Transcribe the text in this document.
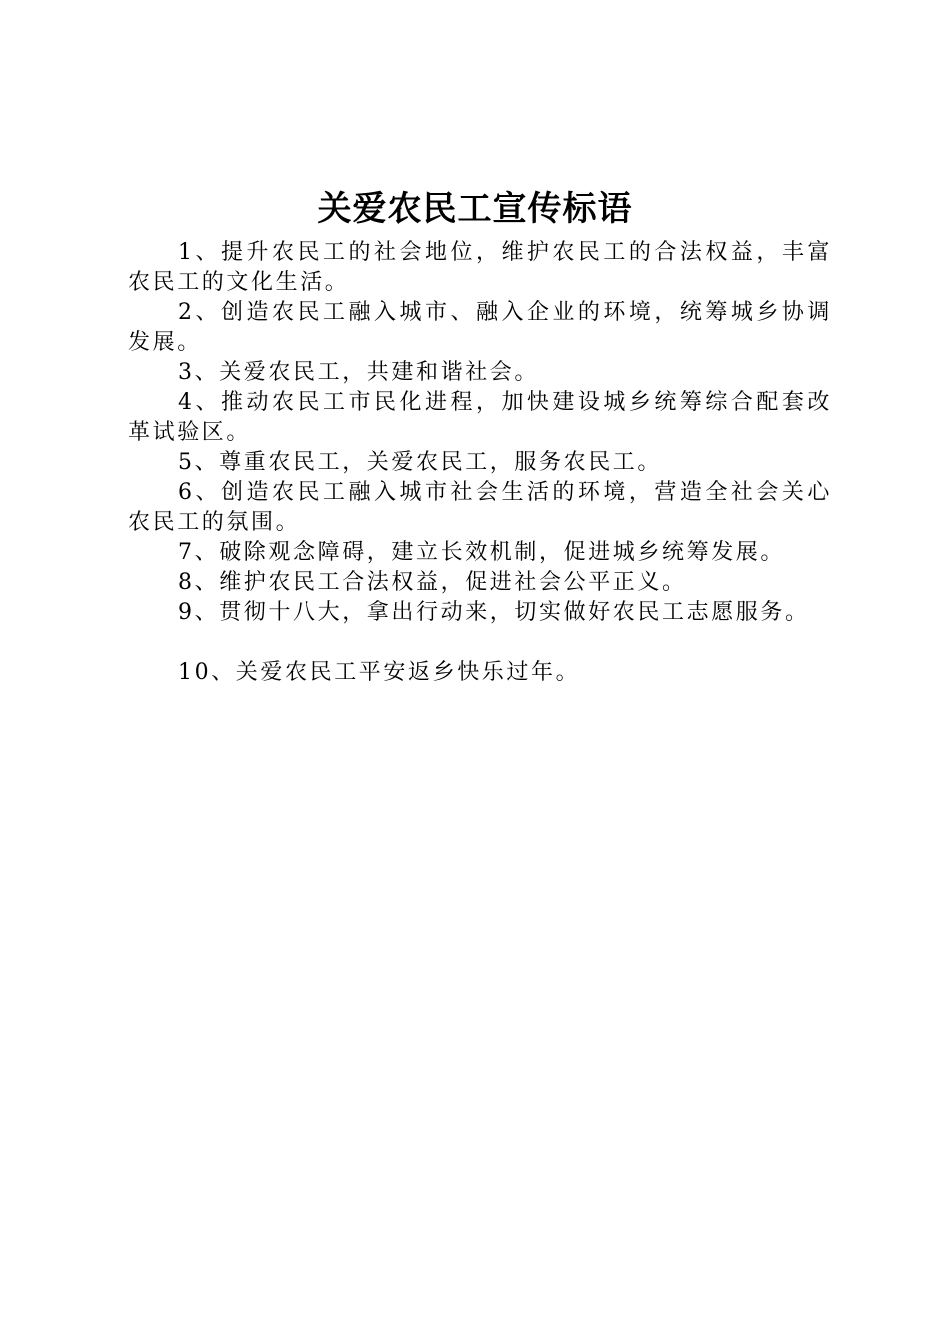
关爱农民工宣传标语

1、提升农民工的社会地位，维护农民工的合法权益，丰富农民工的文化生活。

2、创造农民工融入城市、融入企业的环境，统筹城乡协调发展。

3、关爱农民工，共建和谐社会。

4、推动农民工市民化进程，加快建设城乡统筹综合配套改革试验区。

5、尊重农民工，关爱农民工，服务农民工。

6、创造农民工融入城市社会生活的环境，营造全社会关心农民工的氛围。

7、破除观念障碍，建立长效机制，促进城乡统筹发展。

8、维护农民工合法权益，促进社会公平正义。

9、贯彻十八大，拿出行动来，切实做好农民工志愿服务。

10、关爱农民工平安返乡快乐过年。
